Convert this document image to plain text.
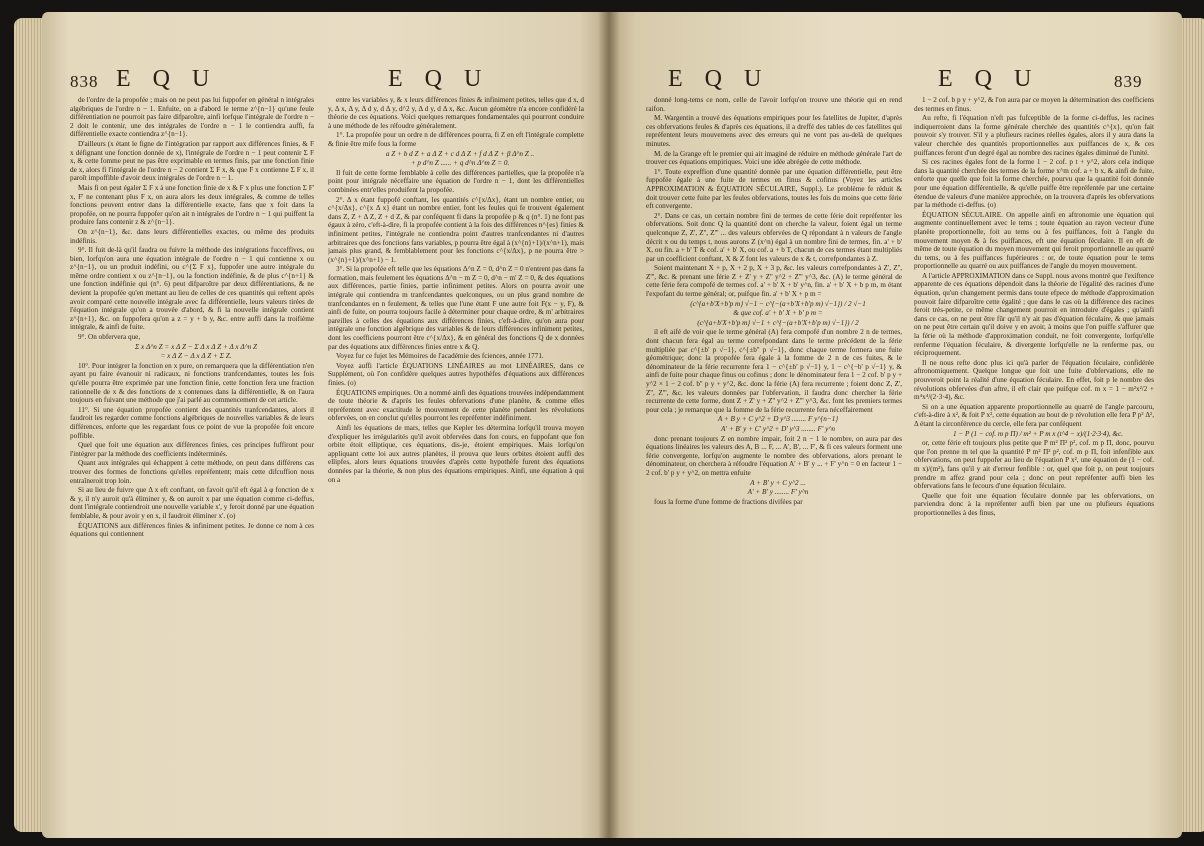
838 E Q U	E Q U

de l'ordre de la propofée ; mais on ne peut pas lui fuppofer en général n intégrales algébriques de l'ordre n − 1. Enfuite, on a d'abord le terme z^{n−1} qu'une feule différentiation ne pourroit pas faire difparoître, ainfi lorfque l'intégrale de l'ordre n − 2 doit le contenir, une des intégrales de l'ordre n − 1 le contiendra auffi, fa différentielle exacte contiendra z^{n−1}.

D'ailleurs (x étant le figne de l'intégration par rapport aux différences finies, & F x défignant une fonction donnée de x), l'intégrale de l'ordre n − 1 peut contenir Σ F x, & cette fomme peut ne pas être exprimable en termes finis, par une fonction finie de x, alors fi l'intégrale de l'ordre n − 2 contient Σ F x, & que F x contienne Σ F x, il paroît impoffible d'avoir deux intégrales de l'ordre n − 1.

Mais fi on peut égaler Σ F x à une fonction finie de x & F x plus une fonction Σ F' x, F' ne contenant plus F x, on aura alors les deux intégrales, & comme de telles fonctions peuvent entrer dans la différentielle exacte, fans que x foit dans la propofée, on ne pourra fuppofer qu'on ait n intégrales de l'ordre n − 1 qui puiffent la produire fans contenir z & z^{n−1}.

On z^{n−1}, &c. dans leurs différentielles exactes, ou même des produits indéfinis.

9°. Il fuit de-là qu'il faudra ou fuivre la méthode des intégrations fucceffives, ou bien, lorfqu'on aura une équation intégrale de l'ordre n − 1 qui contienne x ou z^{n−1}, ou un produit indéfini, ou c^{Σ F x}, fuppofer une autre intégrale du même ordre contient x ou z^{n−1}, ou la fonction indéfinie, & de plus c^{n+1} & une fonction indéfinie qui (n°. 6) peut difparoître par deux différentiations, & ne devient la propofée qu'en mettant au lieu de celles de ces quantités qui reftent après avoir comparé cette nouvelle intégrale avec fa différentielle, leurs valeurs tirées de l'équation intégrale qu'on a trouvée d'abord, & fi la nouvelle intégrale contient z^{n+1}, &c. on fuppofera qu'on a z = y + b y, &c. entre auffi dans la troifième intégrale, & ainfi de fuite.

9°. On obfervera que,

Σ x Δ^n Z = x Δ Z − Σ Δ x Δ Z + Δ x Δ^n Z

= x Δ Z − Δ x Δ Z + Σ Z.

10°. Pour intégrer la fonction en x pure, on remarquera que la différentiation n'en ayant pu faire évanouir ni radicaux, ni fonctions tranfcendantes, toutes les fois qu'elle pourra être exprimée par une fonction finie, cette fonction fera une fraction rationnelle de x & des fonctions de x contenues dans la différentielle, & on l'aura toujours en fuivant une méthode que j'ai parlé au commencement de cet article.

11°. Si une équation propofée contient des quantités tranfcendantes, alors il faudroit les regarder comme fonctions algébriques de nouvelles variables & de leurs différences, enforte que les regardant fous ce point de vue la propofée foit encore poffible.

Quel que foit une équation aux différences finies, ces principes fuffiront pour l'intégrer par la méthode des coefficients indéterminés.

Quant aux intégrales qui échappent à cette méthode, on peut dans différens cas trouver des formes de fonctions qu'elles repréfentent; mais cette difcuffion nous entraîneroit trop loin.

Si au lieu de fuivre que Δ x eft conftant, on favoit qu'il eft égal à φ fonction de x & y, il n'y auroit qu'à éliminer y, & on auroit x par une équation comme ci-deffus, dont l'intégrale contiendroit une nouvelle variable x', y feroit donné par une équation femblable, & pour avoir y en x, il faudroit éliminer x'. (o)

ÉQUATIONS aux différences finies & infiniment petites. Je donne ce nom à ces équations qui contiennent

entre les variables y, & x leurs différences finies & infiniment petites, telles que d x, d y, Δ x, Δ y, Δ d y, d Δ y, d^2 y, Δ d y, d Δ x, &c. Aucun géomètre n'a encore confidéré la théorie de ces équations. Voici quelques remarques fondamentales qui pourront conduire à une méthode de les réfoudre généralement.

1°. La propofée pour un ordre n de différences pourra, fi Z en eft l'intégrale complette & finie être mife fous la forme

a Z + b d Z + a Δ Z + c d Δ Z + f d Δ Z + β Δ^n Z ..

+ p d^n Z ...... + q d^n Δ^m Z = 0.

Il fuit de cette forme femblable à celle des différences partielles, que la propofée n'a point pour intégrale néceffaire une équation de l'ordre n − 1, dont les différentielles combinées entr'elles produifent la propofée.

2°. Δ x étant fuppofé conftant, les quantités c^{x/Δx}, étant un nombre entier, ou c^{x/Δx}, c^{x Δ x} étant un nombre entier, font les feules qui fe trouvent également dans Z, Z + Δ Z, Z + d Z, & par conféquent fi dans la propofée p & q (n°. 1) ne font pas égaux à zéro, c'eft-à-dire, fi la propofée contient à la fois des différences n^{es} finies & infiniment petites, l'intégrale ne contiendra point d'autres tranfcendantes ni d'autres arbitraires que des fonctions fans variables, p pourra être égal à (x^{n}+1)/(x^n+1), mais jamais plus grand, & femblablement pour les fonctions c^{x/Δx}, p ne pourra être > (x^{n}+1)/(x^n+1) − 1.

3°. Si la propofée eft telle que les équations Δ^n Z = 0, d^n Z = 0 n'entrent pas dans fa formation, mais feulement les équations Δ^n − m Z = 0, d^n − m' Z = 0, & des équations aux différences, partie finies, partie infiniment petites. Alors on pourra avoir une intégrale qui contiendra m tranfcendantes quelconques, ou un plus grand nombre de tranfcendantes en n feulement, & telles que l'une étant F une autre foit F(x − y, F), & ainfi de fuite, on pourra toujours facile à déterminer pour chaque ordre, & m' arbitraires pareilles à celles des équations aux différences finies, c'eft-à-dire, qu'on aura pour intégrale une fonction algébrique des variables & de leurs différences infiniment petites, dont les coefficiens pourront être c^{x/Δx}, & en général des fonctions Q de x données par des équations aux différences finies entre x & Q.

Voyez fur ce fujet les Mémoires de l'académie des fciences, année 1771.

Voyez auffi l'article ÉQUATIONS LINÉAIRES au mot LINÉAIRES, dans ce Supplément, où l'on confidère quelques autres hypothèfes d'équations aux différences finies. (o)

ÉQUATIONS empiriques. On a nommé ainfi des équations trouvées indépendamment de toute théorie & d'après les feules obfervations d'une planète, & comme elles repréfentent avec exactitude le mouvement de cette planète pendant les révolutions obfervées, on en conclut qu'elles pourront les repréfenter indéfiniment.

Ainfi les équations de mars, telles que Kepler les détermina lorfqu'il trouva moyen d'expliquer les irrégularités qu'il avoit obfervées dans fon cours, en fuppofant que fon orbite étoit elliptique, ces équations, dis-je, étoient empiriques. Mais lorfqu'on appliquant cette loi aux autres planètes, il prouva que leurs orbites étoient auffi des ellipfes, alors leurs équations trouvées d'après cette hypothèfe furent des équations données par la théorie, & non plus des équations empiriques. Ainfi, une équation à qui on a

E Q U	E Q U	839

donné long-tems ce nom, celle de l'avoir lorfqu'on trouve une théorie qui en rend raifon.

M. Wargentin a trouvé des équations empiriques pour les fatellites de Jupiter, d'après ces obfervations feules & d'après ces équations, il a dreffé des tables de ces fatellites qui repréfentent leurs mouvemens avec des erreurs qui ne vont pas au-delà de quelques minutes.

M. de la Grange eft le premier qui ait imaginé de réduire en méthode générale l'art de trouver ces équations empiriques. Voici une idée abrégée de cette méthode.

1°. Toute expreffion d'une quantité donnée par une équation différentielle, peut être fuppofée égale à une fuite de termes en finus & cofinus (Voyez les articles APPROXIMATION & ÉQUATION SÉCULAIRE, Suppl.). Le problème fe réduit & doit trouver cette fuite par les feules obfervations, toutes les fois du moins que cette férie eft convergente.

2°. Dans ce cas, un certain nombre fini de termes de cette férie doit repréfenter les obfervations. Soit donc Q la quantité dont on cherche la valeur, foient égal un terme quelconque Z, Z', Z'', Z''' ... des valeurs obfervées de Q répondant à n valeurs de l'angle décrit x ou du temps t, nous aurons Z (x^n) égal à un nombre fini de termes, fin. a' + b' X, ou fin. a + b' T & cof. a' + b' X, ou cof. a + b T, chacun de ces termes étant multipliés par un coefficient conftant, X & Z font les valeurs de x & t, correfpondantes à Z.

Soient maintenant X + p, X + 2 p, X + 3 p, &c. les valeurs correfpondantes à Z', Z'', Z''', &c. & prenant une férie Z + Z' y + Z'' y^2 + Z''' y^3, &c. (A) le terme général de cette férie fera compofé de termes cof. a' + b' X + b' y^n, fin. a' + b' X + b p m, m étant l'expofant du terme général; or, puifque fin. a' + b' X + p m =

(c^{a+b'X+b'p m} √−1 − c^{−(a+b'X+b'p m) √−1}) / 2 √−1

& que cof. a' + b' X + b' p m =

(c^{a+b'X+b'p m} √−1 + c^{−(a+b'X+b'p m) √−1}) / 2

il eft aifé de voir que le terme général (A) fera compofé d'un nombre 2 n de termes, dont chacun fera égal au terme correfpondant dans le terme précédent de la férie multipliée par c^{±b' p √−1}, c^{±b'' p √−1}, donc chaque terme formera une fuite géométrique; donc la propofée fera égale à la fomme de 2 n de ces fuites, & le dénominateur de la férie recurrente fera 1 − c^{±b' p √−1} y, 1 − c^{−b' p √−1} y, & ainfi de fuite pour chaque finus ou cofinus ; donc le dénominateur fera 1 − 2 cof. b' p y + y^2 × 1 − 2 cof. b'' p y + y^2, &c. donc la férie (A) fera recurrente ; foient donc Z, Z', Z'', Z''', &c. les valeurs données par l'obfervation, il faudra donc chercher la férie recurrente de cette forme, dont Z + Z' y + Z'' y^2 + Z''' y^3, &c. font les premiers termes pour cela ; je remarque que la fomme de la férie recurrente fera néceffairement

A + B y + C y^2 + D y^3 ........ F y^{n−1}

A' + B' y + C' y^2 + D' y^3 ........ F' y^n

donc prenant toujours Z en nombre impair, foit 2 n − 1 le nombre, on aura par des équations linéaires les valeurs des A, B ... F, ... A', B', ... F', & fi ces valeurs forment une férie convergente, lorfqu'on augmente le nombre des obfervations, alors prenant le dénominateur, on cherchera à réfoudre l'équation A' + B' y ... + F' y^n = 0 en facteur 1 − 2 cof. b' p y + y^2, on mettra enfuite

A + B' y + C y^2 ...

A' + B' y ........ F' y^n

fous la forme d'une fomme de fractions divifées par

1 − 2 cof. b p y + y^2, & l'on aura par ce moyen la détermination des coefficiens des termes en finus.

Au refte, fi l'équation n'eft pas fufceptible de la forme ci-deffus, les racines indiquerroient dans la forme générale cherchée des quantités c^{x}, qu'on fait pouvoir s'y trouver. S'il y a plufieurs racines réelles égales, alors il y aura dans la valeur cherchée des quantités proportionnelles aux puiffances de x, & ces puiffances feront d'un degré égal au nombre des racines égales diminué de l'unité.

Si ces racines égales font de la forme 1 − 2 cof. p t + y^2, alors cela indique dans la quantité cherchée des termes de la forme x^m cof. a + b x, & ainfi de fuite, enforte que quelle que foit la forme cherchée, pourvu que la quantité foit donnée pour une équation différentielle, & qu'elle puiffe être repréfentée par une certaine étendue de valeurs d'une manière approchée, on la trouvera d'après les obfervations par la méthode ci-deffus. (o)

ÉQUATION SÉCULAIRE. On appelle ainfi en aftronomie une équation qui augmente continuellement avec le tems ; toute équation au rayon vecteur d'une planète proportionnelle, foit au tems ou à fes puiffances, foit à l'angle du mouvement moyen & à fes puiffances, eft une équation féculaire. Il en eft de même de toute équation du moyen mouvement qui feroit proportionnelle au quarré du tems, ou à fes puiffances fupérieures : or, de toute équation pour le tems proportionnelle au quarré ou aux puiffances de l'angle du moyen mouvement.

A l'article APPROXIMATION dans ce Suppl. nous avons montré que l'exiftence apparente de ces équations dépendoit dans la théorie de l'égalité des racines d'une équation, qu'un changement permis dans toute efpece de méthode d'approximation pouvoit faire difparoître cette égalité ; que dans le cas où la différence des racines feroit très-petite, ce même changement pourroit en introduire d'égales ; qu'ainfi dans ce cas, on ne peut être fûr qu'il n'y ait pas d'équation féculaire, & que jamais on ne peut être certain qu'il doive y en avoir, à moins que l'on puiffe s'affurer que la férie où la méthode d'approximation conduit, ne foit convergente, lorfqu'elle renferme l'équation féculaire, & divergente lorfqu'elle ne la renferme pas, ou réciproquement.

Il ne nous refte donc plus ici qu'à parler de l'équation féculaire, confidérée aftronomiquement. Quelque longue que foit une fuite d'obfervations, elle ne prouveroit point la réalité d'une équation féculaire. En effet, foit p le nombre des révolutions obfervées d'un aftre, il eft clair que puifque cof. m x = 1 − m²x²/2 + m⁴x⁴/(2·3·4), &c.

Si on a une équation apparente proportionnelle au quarré de l'angle parcouru, c'eft-à-dire à x², & foit P x², cette équation au bout de p révolution elle fera P p² Δ², Δ étant la circonférence du cercle, elle fera par conféquent

1 − P (1 − cof. m p Π) / m² + P m x (t^4 − x)/(1·2·3·4), &c.

or, cette férie eft toujours plus petite que P m² Π² p², cof. m p Π, donc, pourvu que l'on prenne m tel que la quantité P m² Π² p², cof. m p Π, foit infenfible aux obfervations, on peut fuppofer au lieu de l'équation P x², une équation de (1 − cof. m x)/(m²), fans qu'il y ait d'erreur fenfible : or, quel que foit p, on peut toujours prendre m affez grand pour cela ; donc on peut repréfenter auffi bien les obfervations fans le fecours d'une équation féculaire.

Quelle que foit une équation féculaire donnée par les obfervations, on parviendra donc à la repréfenter auffi bien par une ou plufieurs équations proportionnelles à des finus,
